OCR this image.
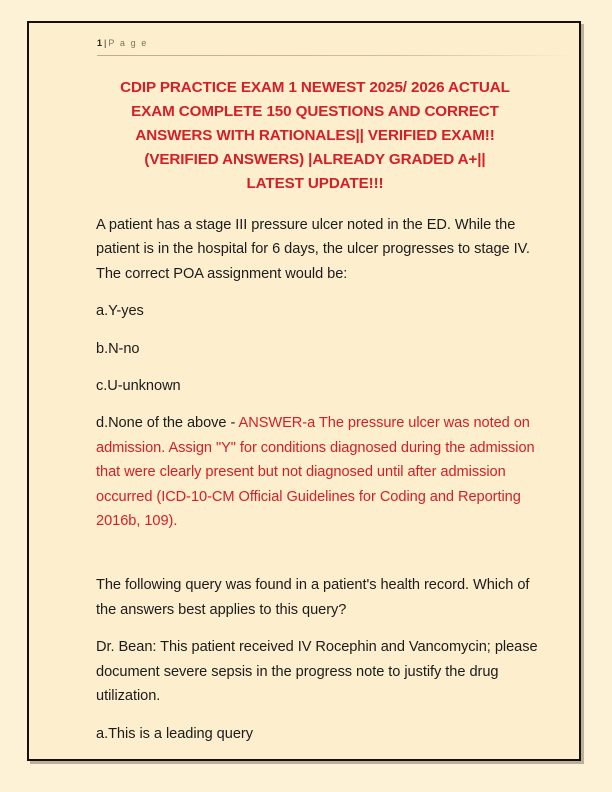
1 | P a g e
CDIP PRACTICE EXAM 1 NEWEST 2025/ 2026 ACTUAL
EXAM COMPLETE 150 QUESTIONS AND CORRECT
ANSWERS WITH RATIONALES|| VERIFIED EXAM!!
(VERIFIED ANSWERS) |ALREADY GRADED A+||
LATEST UPDATE!!!

A patient has a stage III pressure ulcer noted in the ED. While the patient is in the hospital for 6 days, the ulcer progresses to stage IV. The correct POA assignment would be:

a.Y-yes

b.N-no

c.U-unknown

d.None of the above - ANSWER-a The pressure ulcer was noted on admission. Assign "Y" for conditions diagnosed during the admission that were clearly present but not diagnosed until after admission occurred (ICD-10-CM Official Guidelines for Coding and Reporting 2016b, 109).

The following query was found in a patient's health record. Which of the answers best applies to this query?

Dr. Bean: This patient received IV Rocephin and Vancomycin; please document severe sepsis in the progress note to justify the drug utilization.

a.This is a leading query
